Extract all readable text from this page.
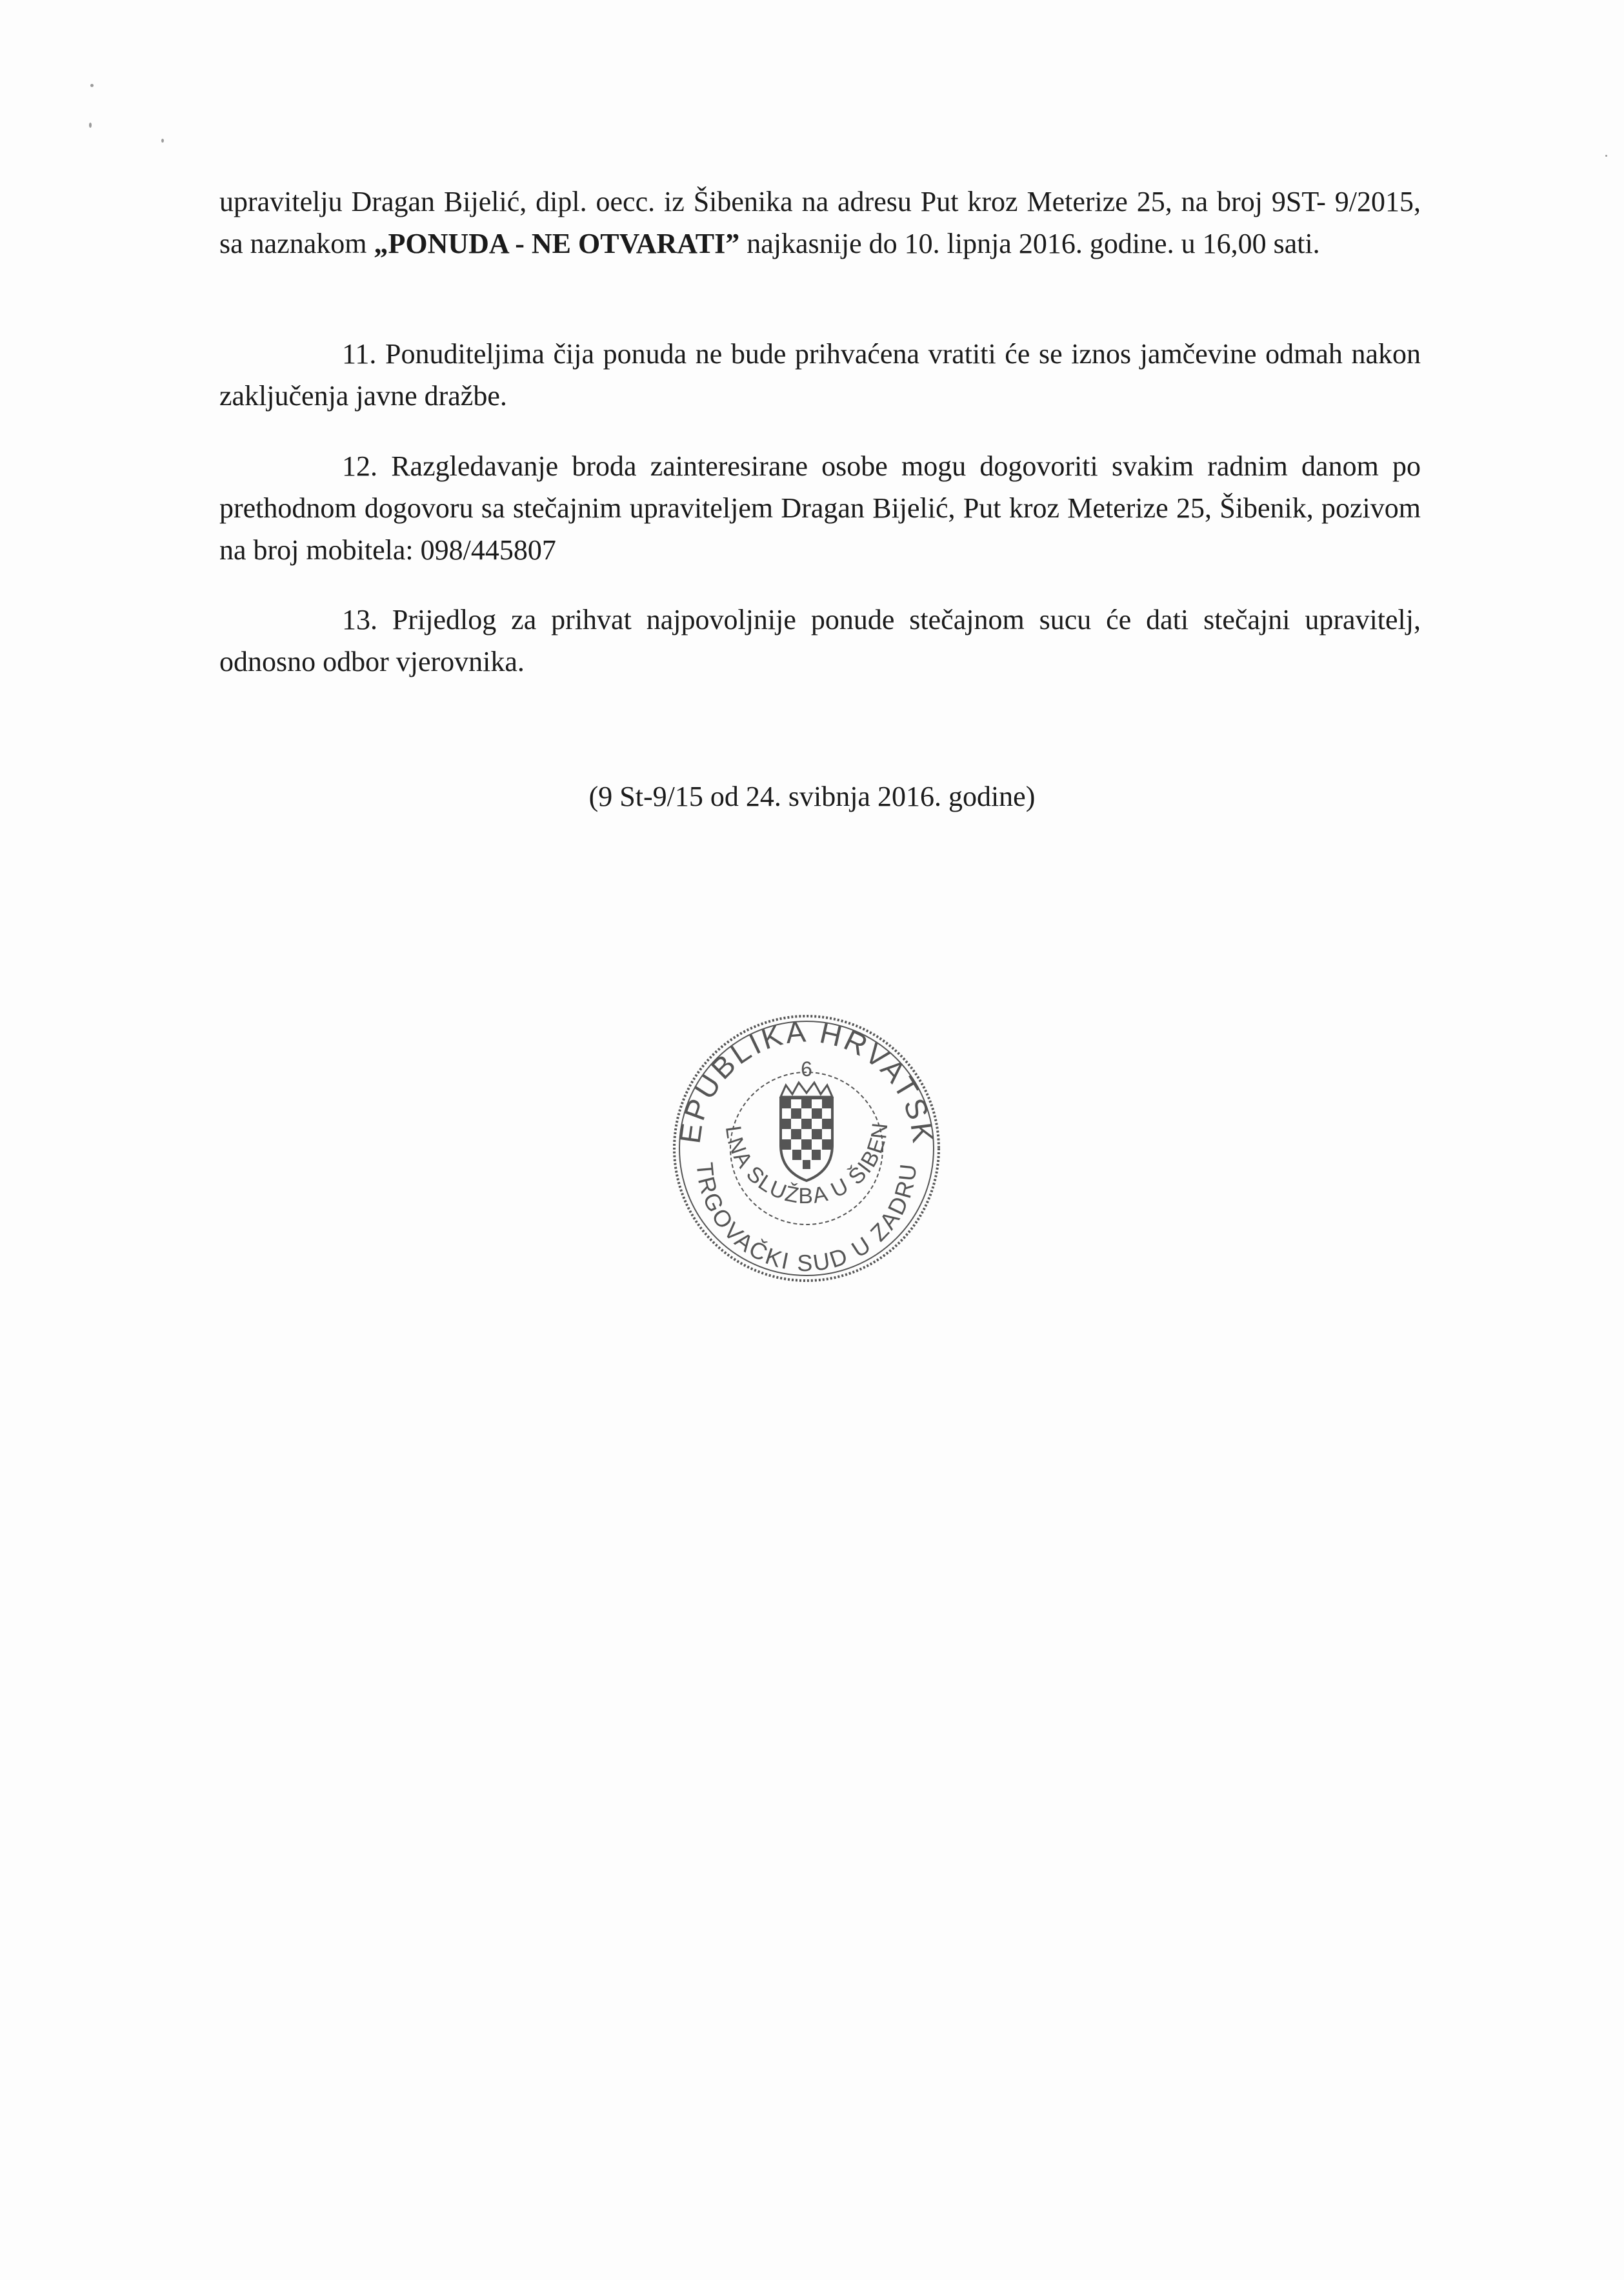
upravitelju Dragan Bijelić, dipl. oecc. iz Šibenika na adresu Put kroz Meterize 25, na broj 9ST- 9/2015, sa naznakom „PONUDA - NE OTVARATI” najkasnije do 10. lipnja 2016. godine. u 16,00 sati.

11. Ponuditeljima čija ponuda ne bude prihvaćena vratiti će se iznos jamčevine odmah nakon zaključenja javne dražbe.

12. Razgledavanje broda zainteresirane osobe mogu dogovoriti svakim radnim danom po prethodnom dogovoru sa stečajnim upraviteljem Dragan Bijelić, Put kroz Meterize 25, Šibenik, pozivom na broj mobitela: 098/445807

13. Prijedlog za prihvat najpovoljnije ponude stečajnom sucu će dati stečajni upravitelj, odnosno odbor vjerovnika.

(9 St-9/15 od 24. svibnja 2016. godine)
EPUBLIKA HRVATSK
6
LNA SLUŽBA U ŠIBEN
TRGOVAČKI SUD U ZADRU
